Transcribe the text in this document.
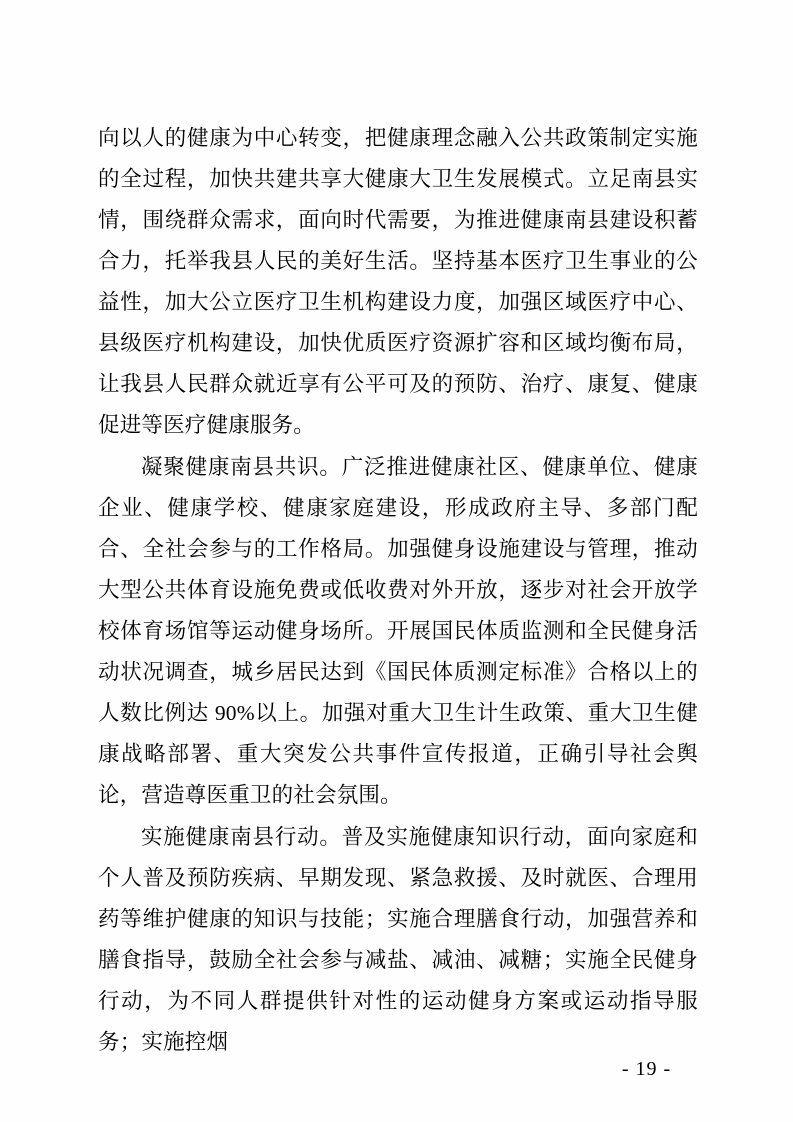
向以人的健康为中心转变，把健康理念融入公共政策制定实施的全过程，加快共建共享大健康大卫生发展模式。立足南县实情，围绕群众需求，面向时代需要，为推进健康南县建设积蓄合力，托举我县人民的美好生活。坚持基本医疗卫生事业的公益性，加大公立医疗卫生机构建设力度，加强区域医疗中心、县级医疗机构建设，加快优质医疗资源扩容和区域均衡布局，让我县人民群众就近享有公平可及的预防、治疗、康复、健康促进等医疗健康服务。

凝聚健康南县共识。广泛推进健康社区、健康单位、健康企业、健康学校、健康家庭建设，形成政府主导、多部门配合、全社会参与的工作格局。加强健身设施建设与管理，推动大型公共体育设施免费或低收费对外开放，逐步对社会开放学校体育场馆等运动健身场所。开展国民体质监测和全民健身活动状况调查，城乡居民达到《国民体质测定标准》合格以上的人数比例达 90%以上。加强对重大卫生计生政策、重大卫生健康战略部署、重大突发公共事件宣传报道，正确引导社会舆论，营造尊医重卫的社会氛围。

实施健康南县行动。普及实施健康知识行动，面向家庭和个人普及预防疾病、早期发现、紧急救援、及时就医、合理用药等维护健康的知识与技能；实施合理膳食行动，加强营养和膳食指导，鼓励全社会参与减盐、减油、减糖；实施全民健身行动，为不同人群提供针对性的运动健身方案或运动指导服务；实施控烟

- 19 -
